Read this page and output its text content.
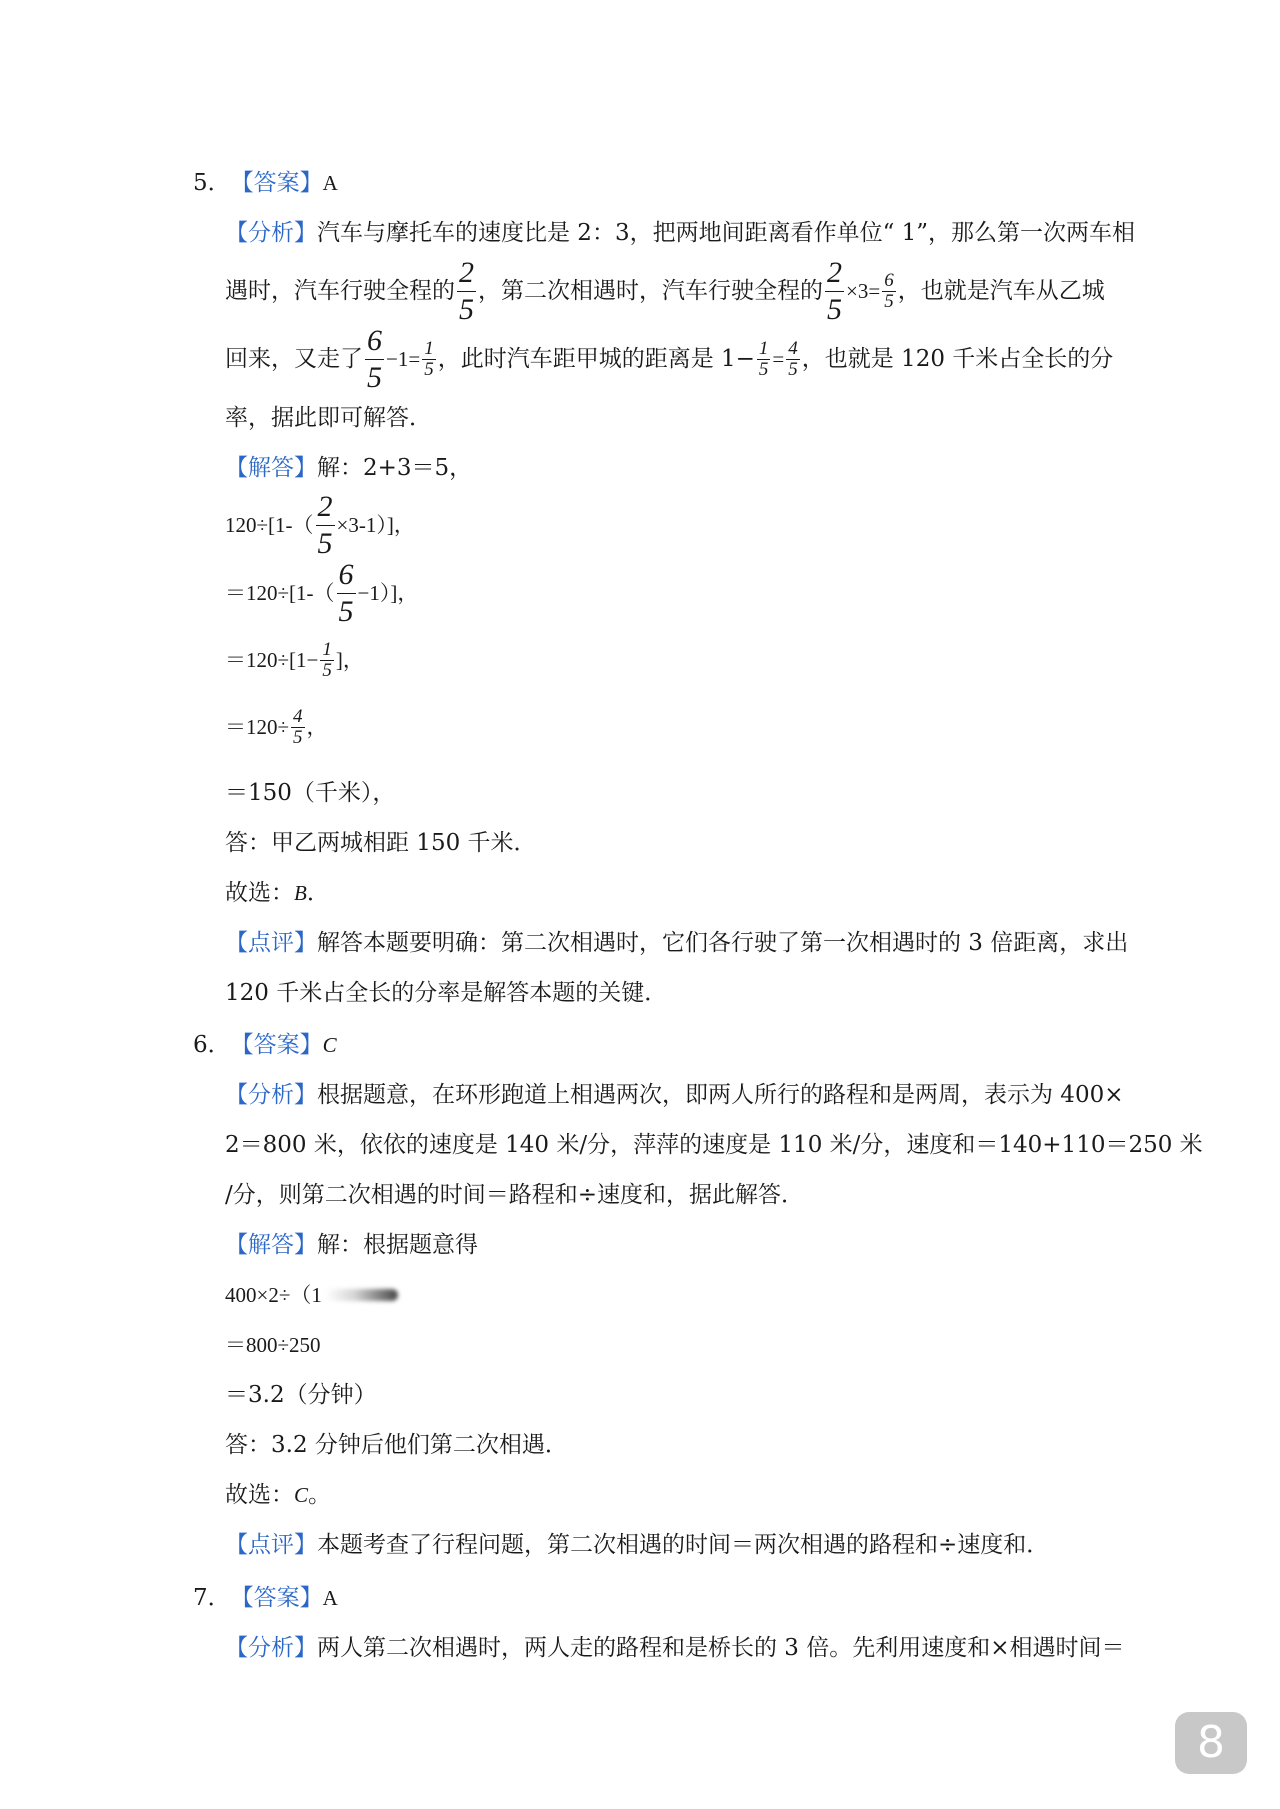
5． 【答案】 A
【分析】 汽车与摩托车的速度比是 2：3，把两地间距离看作单位“ 1”，那么第一次两车相
遇时，汽车行驶全程的 $\frac{2}{5}$ ，第二次相遇时，汽车行驶全程的 $\frac{2}{5} \times 3= \frac{6}{5}$ ，也就是汽车从乙城
回来，又走了 $\frac{6}{5} -1= \frac{1}{5}$ ，此时汽车距甲城的距离是 $1- \frac{1}{5} = \frac{4}{5}$ ，也就是 120 千米占全长的分
率，据此即可解答．
【解答】 解：2+3＝5，
$120\div[1-( \frac{2}{5} \times 3-1)]$，
$=120\div[1-( \frac{6}{5} -1)]$，
$=120\div[1- \frac{1}{5}$ ]，
$=120\div \frac{4}{5}$ ，
＝150（千米），
答：甲乙两城相距 150 千米．
故选： B ．
【点评】 解答本题要明确：第二次相遇时，它们各行驶了第一次相遇时的 3 倍距离，求出
120 千米占全长的分率是解答本题的关键．
6． 【答案】 C
【分析】 根据题意，在环形跑道上相遇两次，即两人所行的路程和是两周，表示为 400×
2＝800 米，依依的速度是 140 米/分，萍萍的速度是 110 米/分，速度和＝140+110＝250 米
/分，则第二次相遇的时间＝路程和÷速度和，据此解答．
【解答】 解：根据题意得
400×2÷（1
＝800÷250
＝3.2（分钟）
答：3.2 分钟后他们第二次相遇．
故选： C 。
【点评】 本题考查了行程问题，第二次相遇的时间＝两次相遇的路程和÷速度和．
7． 【答案】 A
【分析】 两人第二次相遇时，两人走的路程和是桥长的 3 倍。先利用速度和×相遇时间＝
8
